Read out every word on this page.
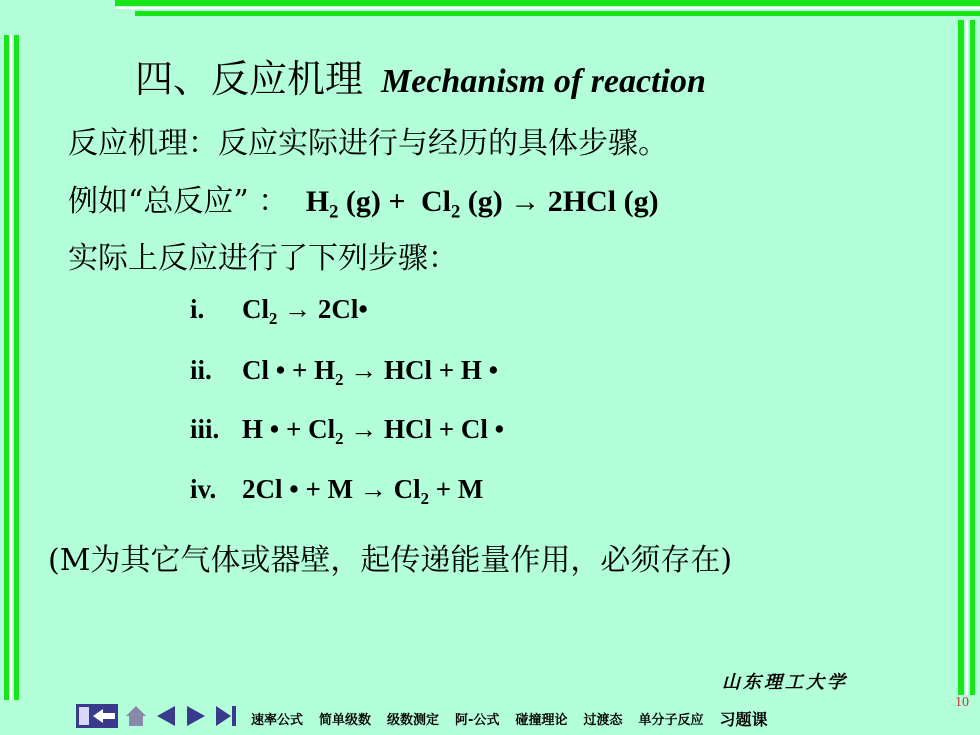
四、反应机理 Mechanism of reaction
反应机理：反应实际进行与经历的具体步骤。
例如“总反应” ： $H_2$ $(g) + Cl_2$ (g) → 2HCl (g)
实际上反应进行了下列步骤：
i. $Cl_2$ → 2Cl•
ii. Cl • + $H_2$ → HCl + H •
iii. H • + $Cl_2$ → HCl + Cl •
iv. 2Cl • + $M \to Cl_2 + M$
(M为其它气体或器壁，起传递能量作用，必须存在)
山东理工大学
10
速率公式 简单级数 级数测定 阿-公式 碰撞理论 过渡态 单分子反应 习题课
